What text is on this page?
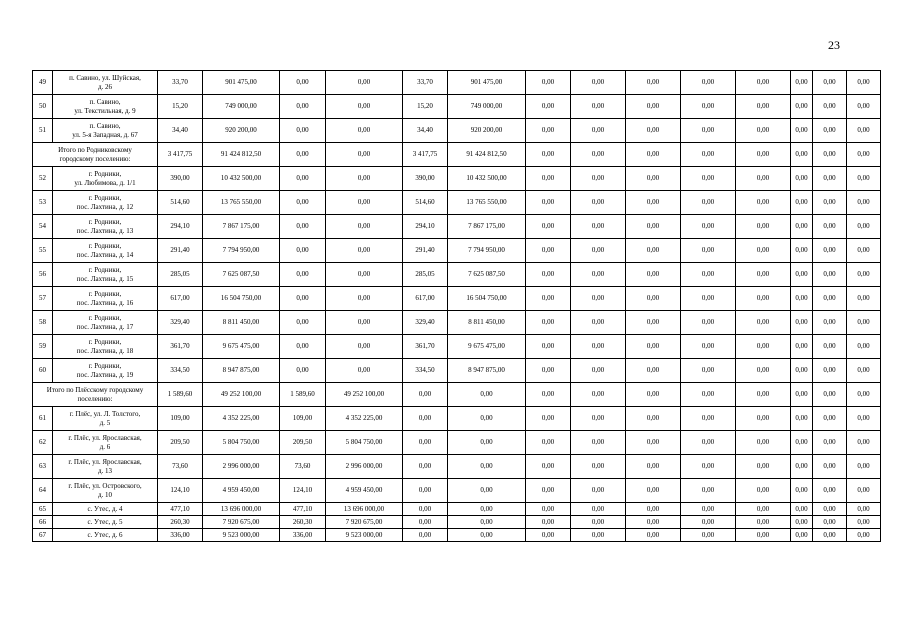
23
49	п. Савино, ул. Шуйская,
д. 26	33,70	901 475,00	0,00	0,00	33,70	901 475,00	0,00	0,00	0,00	0,00	0,00	0,00	0,00	0,00
50	п. Савино,
ул. Текстильная, д. 9	15,20	749 000,00	0,00	0,00	15,20	749 000,00	0,00	0,00	0,00	0,00	0,00	0,00	0,00	0,00
51	п. Савино,
ул. 5-я Западная, д. 67	34,40	920 200,00	0,00	0,00	34,40	920 200,00	0,00	0,00	0,00	0,00	0,00	0,00	0,00	0,00

Итого по Родниковскому
городскому поселению:		3 417,75	91 424 812,50	0,00	0,00	3 417,75	91 424 812,50	0,00	0,00	0,00	0,00	0,00	0,00	0,00	0,00
52	г. Родники,
ул. Любимова, д. 1/1	390,00	10 432 500,00	0,00	0,00	390,00	10 432 500,00	0,00	0,00	0,00	0,00	0,00	0,00	0,00	0,00
53	г. Родники,
пос. Лахтина, д. 12	514,60	13 765 550,00	0,00	0,00	514,60	13 765 550,00	0,00	0,00	0,00	0,00	0,00	0,00	0,00	0,00
54	г. Родники,
пос. Лахтина, д. 13	294,10	7 867 175,00	0,00	0,00	294,10	7 867 175,00	0,00	0,00	0,00	0,00	0,00	0,00	0,00	0,00
55	г. Родники,
пос. Лахтина, д. 14	291,40	7 794 950,00	0,00	0,00	291,40	7 794 950,00	0,00	0,00	0,00	0,00	0,00	0,00	0,00	0,00
56	г. Родники,
пос. Лахтина, д. 15	285,05	7 625 087,50	0,00	0,00	285,05	7 625 087,50	0,00	0,00	0,00	0,00	0,00	0,00	0,00	0,00
57	г. Родники,
пос. Лахтина, д. 16	617,00	16 504 750,00	0,00	0,00	617,00	16 504 750,00	0,00	0,00	0,00	0,00	0,00	0,00	0,00	0,00
58	г. Родники,
пос. Лахтина, д. 17	329,40	8 811 450,00	0,00	0,00	329,40	8 811 450,00	0,00	0,00	0,00	0,00	0,00	0,00	0,00	0,00
59	г. Родники,
пос. Лахтина, д. 18	361,70	9 675 475,00	0,00	0,00	361,70	9 675 475,00	0,00	0,00	0,00	0,00	0,00	0,00	0,00	0,00
60	г. Родники,
пос. Лахтина, д. 19	334,50	8 947 875,00	0,00	0,00	334,50	8 947 875,00	0,00	0,00	0,00	0,00	0,00	0,00	0,00	0,00

Итого по Плёсскому городскому
поселению:		1 589,60	49 252 100,00	1 589,60	49 252 100,00	0,00	0,00	0,00	0,00	0,00	0,00	0,00	0,00	0,00	0,00
61	г. Плёс, ул. Л. Толстого,
д. 5	109,00	4 352 225,00	109,00	4 352 225,00	0,00	0,00	0,00	0,00	0,00	0,00	0,00	0,00	0,00	0,00
62	г. Плёс, ул. Ярославская,
д. 6	209,50	5 804 750,00	209,50	5 804 750,00	0,00	0,00	0,00	0,00	0,00	0,00	0,00	0,00	0,00	0,00
63	г. Плёс, ул. Ярославская,
д. 13	73,60	2 996 000,00	73,60	2 996 000,00	0,00	0,00	0,00	0,00	0,00	0,00	0,00	0,00	0,00	0,00
64	г. Плёс, ул. Островского,
д. 10	124,10	4 959 450,00	124,10	4 959 450,00	0,00	0,00	0,00	0,00	0,00	0,00	0,00	0,00	0,00	0,00
65	с. Утес, д. 4	477,10	13 696 000,00	477,10	13 696 000,00	0,00	0,00	0,00	0,00	0,00	0,00	0,00	0,00	0,00	0,00
66	с. Утес, д. 5	260,30	7 920 675,00	260,30	7 920 675,00	0,00	0,00	0,00	0,00	0,00	0,00	0,00	0,00	0,00	0,00
67	с. Утес, д. 6	336,00	9 523 000,00	336,00	9 523 000,00	0,00	0,00	0,00	0,00	0,00	0,00	0,00	0,00	0,00	0,00
